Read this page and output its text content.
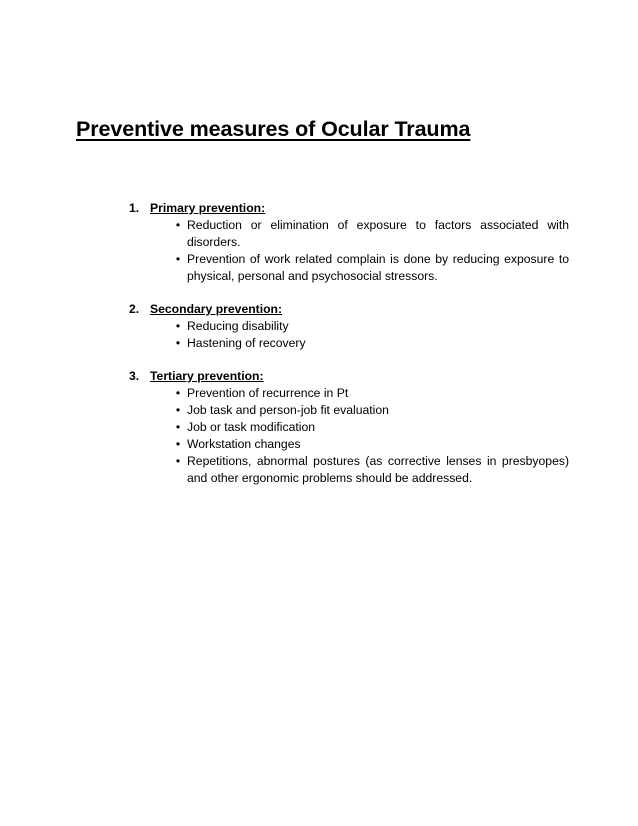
Preventive measures of Ocular Trauma
1. Primary prevention:
• Reduction or elimination of exposure to factors associated with disorders.
• Prevention of work related complain is done by reducing exposure to physical, personal and psychosocial stressors.
2. Secondary prevention:
• Reducing disability
• Hastening of recovery
3. Tertiary prevention:
• Prevention of recurrence in Pt
• Job task and person-job fit evaluation
• Job or task modification
• Workstation changes
• Repetitions, abnormal postures (as corrective lenses in presbyopes) and other ergonomic problems should be addressed.
